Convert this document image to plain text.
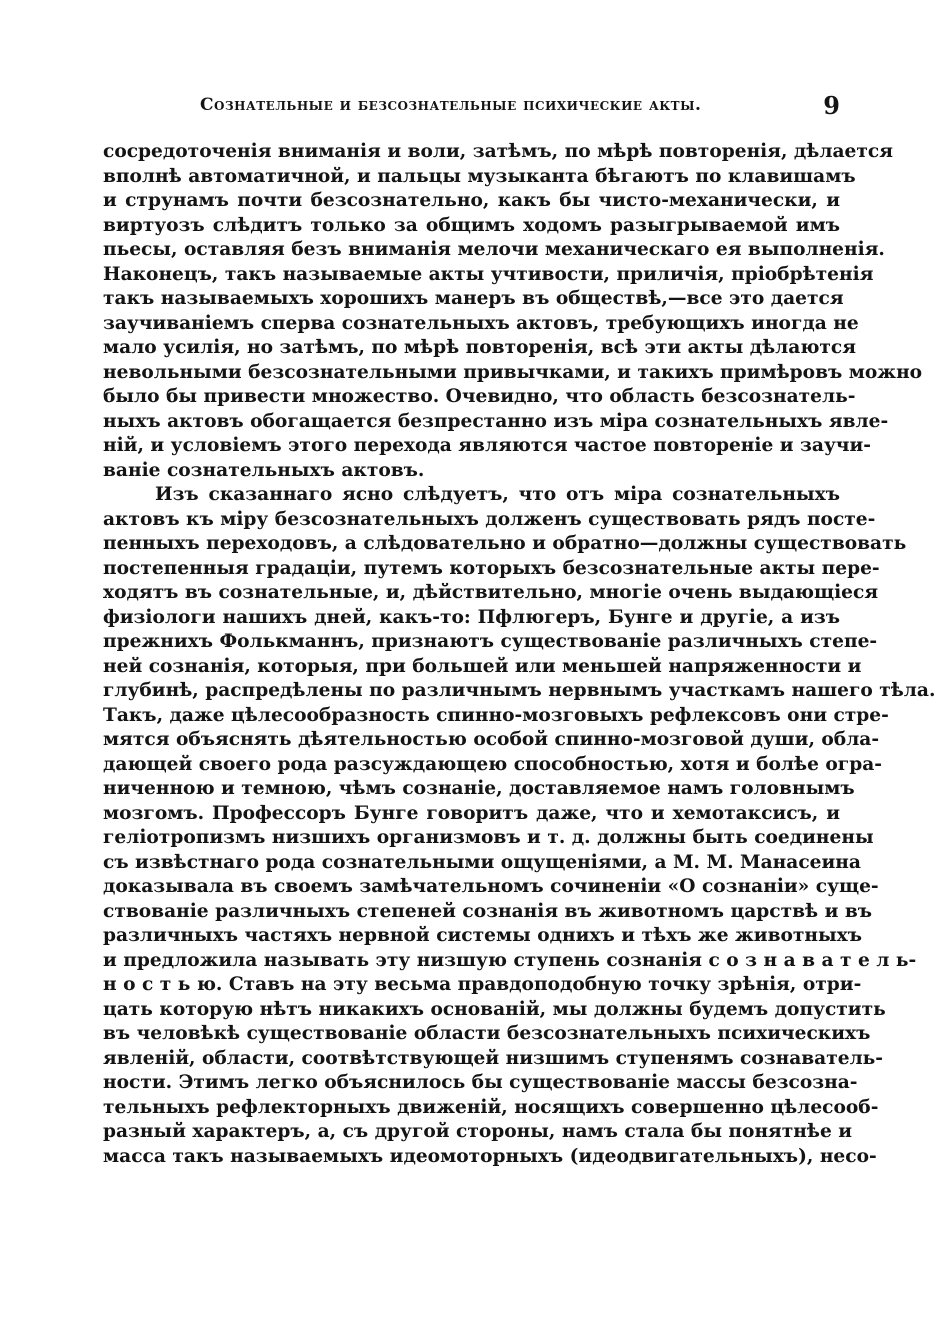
Сознательные и безсознательные психические акты.	9
сосредоточенія вниманія и воли, затѣмъ, по мѣрѣ повторенія, дѣлается
вполнѣ автоматичной, и пальцы музыканта бѣгаютъ по клавишамъ
и струнамъ почти безсознательно, какъ бы чисто-механически, и
виртуозъ слѣдитъ только за общимъ ходомъ разыгрываемой имъ
пьесы, оставляя безъ вниманія мелочи механическаго ея выполненія.
Наконецъ, такъ называемые акты учтивости, приличія, пріобрѣтенія
такъ называемыхъ хорошихъ манеръ въ обществѣ,—все это дается
заучиваніемъ сперва сознательныхъ актовъ, требующихъ иногда не
мало усилія, но затѣмъ, по мѣрѣ повторенія, всѣ эти акты дѣлаются
невольными безсознательными привычками, и такихъ примѣровъ можно
было бы привести множество. Очевидно, что область безсознатель-
ныхъ актовъ обогащается безпрестанно изъ міра сознательныхъ явле-
ній, и условіемъ этого перехода являются частое повтореніе и заучи-
ваніе сознательныхъ актовъ.
Изъ сказаннаго ясно слѣдуетъ, что отъ міра сознательныхъ
актовъ къ міру безсознательныхъ долженъ существовать рядъ посте-
пенныхъ переходовъ, а слѣдовательно и обратно—должны существовать
постепенныя градаціи, путемъ которыхъ безсознательные акты пере-
ходятъ въ сознательные, и, дѣйствительно, многіе очень выдающіеся
физіологи нашихъ дней, какъ-то: Пфлюгеръ, Бунге и другіе, а изъ
прежнихъ Фолькманнъ, признаютъ существованіе различныхъ степе-
ней сознанія, которыя, при большей или меньшей напряженности и
глубинѣ, распредѣлены по различнымъ нервнымъ участкамъ нашего тѣла.
Такъ, даже цѣлесообразность спинно-мозговыхъ рефлексовъ они стре-
мятся объяснять дѣятельностью особой спинно-мозговой души, обла-
дающей своего рода разсуждающею способностью, хотя и болѣе огра-
ниченною и темною, чѣмъ сознаніе, доставляемое намъ головнымъ
мозгомъ. Профессоръ Бунге говоритъ даже, что и хемотаксисъ, и
геліотропизмъ низшихъ организмовъ и т. д. должны быть соединены
съ извѣстнаго рода сознательными ощущеніями, а М. М. Манасеина
доказывала въ своемъ замѣчательномъ сочиненіи «О сознаніи» суще-
ствованіе различныхъ степеней сознанія въ животномъ царствѣ и въ
различныхъ частяхъ нервной системы однихъ и тѣхъ же животныхъ
и предложила называть эту низшую ступень сознанія с о з н а в а т е л ь-
н о с т ь ю. Ставъ на эту весьма правдоподобную точку зрѣнія, отри-
цать которую нѣтъ никакихъ основаній, мы должны будемъ допустить
въ человѣкѣ существованіе области безсознательныхъ психическихъ
явленій, области, соотвѣтствующей низшимъ ступенямъ сознаватель-
ности. Этимъ легко объяснилось бы существованіе массы безсозна-
тельныхъ рефлекторныхъ движеній, носящихъ совершенно цѣлесооб-
разный характеръ, а, съ другой стороны, намъ стала бы понятнѣе и
масса такъ называемыхъ идеомоторныхъ (идеодвигательныхъ), несо-
